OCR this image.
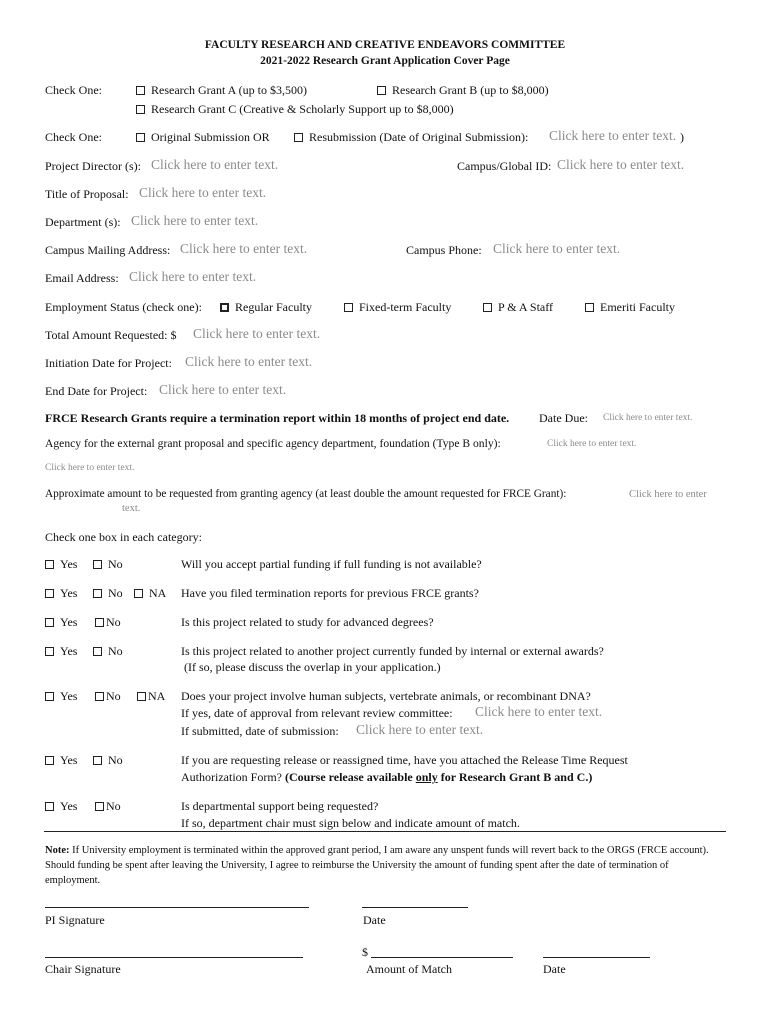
FACULTY RESEARCH AND CREATIVE ENDEAVORS COMMITTEE
2021-2022 Research Grant Application Cover Page
Check One:	Research Grant A (up to $3,500)	Research Grant B (up to $8,000)
Research Grant C (Creative & Scholarly Support up to $8,000)
Check One:	Original Submission OR	Resubmission (Date of Original Submission): Click here to enter text. )
Project Director (s): Click here to enter text.	Campus/Global ID: Click here to enter text.
Title of Proposal: Click here to enter text.
Department (s): Click here to enter text.
Campus Mailing Address: Click here to enter text.	Campus Phone: Click here to enter text.
Email Address: Click here to enter text.
Employment Status (check one):	Regular Faculty	Fixed-term Faculty	P & A Staff	Emeriti Faculty
Total Amount Requested: $ Click here to enter text.
Initiation Date for Project: Click here to enter text.
End Date for Project: Click here to enter text.
FRCE Research Grants require a termination report within 18 months of project end date. Date Due: Click here to enter text.
Agency for the external grant proposal and specific agency department, foundation (Type B only):	Click here to enter text.
Click here to enter text.
Approximate amount to be requested from granting agency (at least double the amount requested for FRCE Grant):	Click here to enter
text.
Check one box in each category:
Yes	No	Will you accept partial funding if full funding is not available?
Yes	No	NA Have you filed termination reports for previous FRCE grants?
Yes	No	Is this project related to study for advanced degrees?
Yes	No	Is this project related to another project currently funded by internal or external awards?
(If so, please discuss the overlap in your application.)
Yes	No	NA Does your project involve human subjects, vertebrate animals, or recombinant DNA?
If yes, date of approval from relevant review committee: Click here to enter text.
If submitted, date of submission: Click here to enter text.
Yes	No	If you are requesting release or reassigned time, have you attached the Release Time Request
Authorization Form? (Course release available only for Research Grant B and C.)
Yes	No	Is departmental support being requested?
If so, department chair must sign below and indicate amount of match.
Note: If University employment is terminated within the approved grant period, I am aware any unspent funds will revert back to the ORGS (FRCE account). Should funding be spent after leaving the University, I agree to reimburse the University the amount of funding spent after the date of termination of employment.
PI Signature	Date
$
Chair Signature	Amount of Match	Date
